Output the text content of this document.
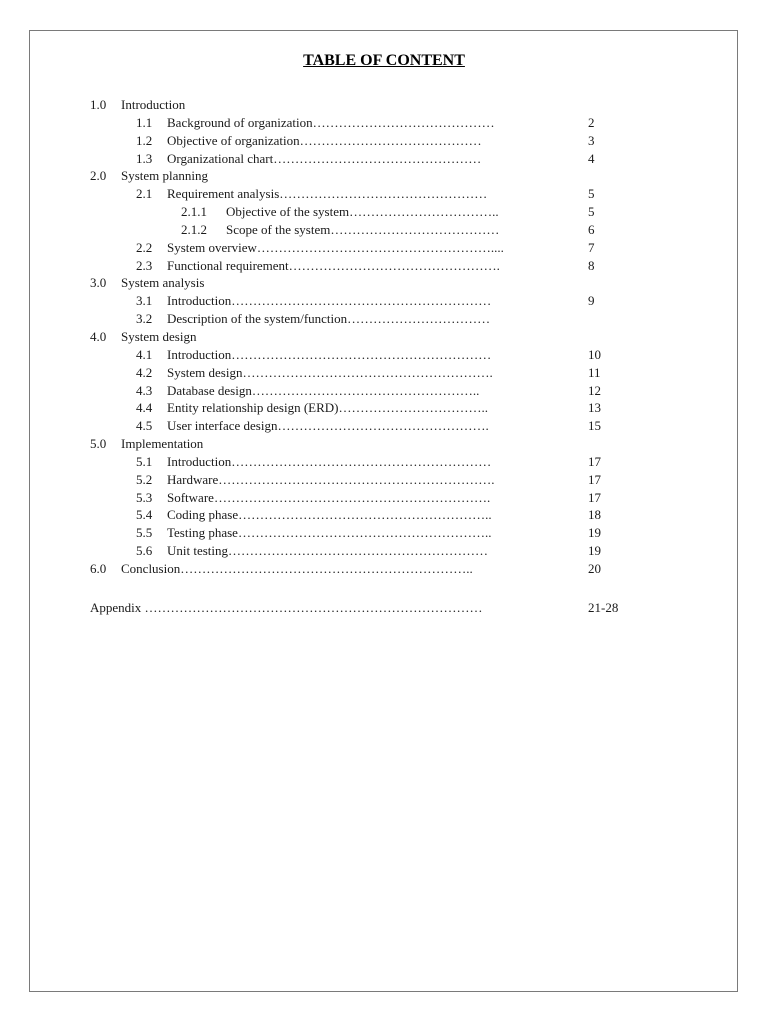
TABLE OF CONTENT
1.0 Introduction
1.1 Background of organization……………………………………	2
1.2 Objective of organization……………………………………	3
1.3 Organizational chart…………………………………………	4
2.0 System planning
2.1 Requirement analysis…………………………………………	5
2.1.1 Objective of the system……………………………..	5
2.1.2 Scope of the system…………………………………	6
2.2 System overview………………………………………………....	7
2.3 Functional requirement………………………………………….	8
3.0 System analysis
3.1 Introduction……………………………………………………	9
3.2 Description of the system/function……………………………
4.0 System design
4.1 Introduction……………………………………………………	10
4.2 System design………………………………………………….	11
4.3 Database design……………………………………………..	12
4.4 Entity relationship design (ERD)……………………………..	13
4.5 User interface design………………………………………….	15
5.0 Implementation
5.1 Introduction……………………………………………………	17
5.2 Hardware……………………………………………………….	17
5.3 Software……………………………………………………….	17
5.4 Coding phase…………………………………………………..	18
5.5 Testing phase…………………………………………………..	19
5.6 Unit testing……………………………………………………	19
6.0 Conclusion…………………………………………………………..	20
Appendix ……………………………………………………………………	21-28
